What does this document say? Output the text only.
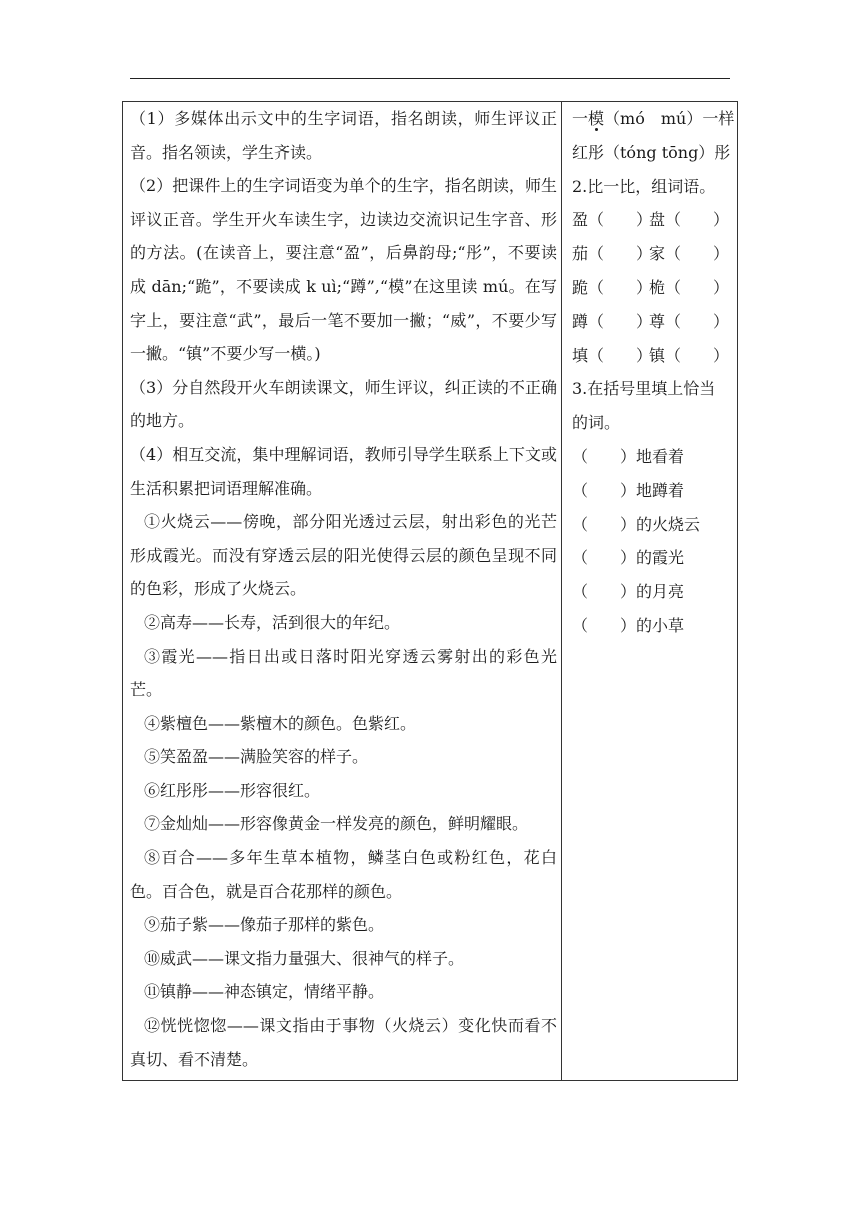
（1）多媒体出示文中的生字词语，指名朗读，师生评议正音。指名领读，学生齐读。

（2）把课件上的生字词语变为单个的生字，指名朗读，师生评议正音。学生开火车读生字，边读边交流识记生字音、形的方法。(在读音上，要注意“盈”，后鼻韵母;“彤”，不要读成 dān;“跪”，不要读成 k uì;“蹲”,“模”在这里读 mú。在写字上，要注意“武”，最后一笔不要加一撇；“威”，不要少写一撇。“镇”不要少写一横。)

（3）分自然段开火车朗读课文，师生评议，纠正读的不正确的地方。

（4）相互交流，集中理解词语，教师引导学生联系上下文或生活积累把词语理解准确。

①火烧云——傍晚，部分阳光透过云层，射出彩色的光芒形成霞光。而没有穿透云层的阳光使得云层的颜色呈现不同的色彩，形成了火烧云。

②高寿——长寿，活到很大的年纪。

③霞光——指日出或日落时阳光穿透云雾射出的彩色光芒。

④紫檀色——紫檀木的颜色。色紫红。

⑤笑盈盈——满脸笑容的样子。

⑥红彤彤——形容很红。

⑦金灿灿——形容像黄金一样发亮的颜色，鲜明耀眼。

⑧百合——多年生草本植物，鳞茎白色或粉红色，花白色。百合色，就是百合花那样的颜色。

⑨茄子紫——像茄子那样的紫色。

⑩威武——课文指力量强大、很神气的样子。

⑪镇静——神态镇定，情绪平静。

⑫恍恍惚惚——课文指由于事物（火烧云）变化快而看不真切、看不清楚。

一模（mó　mú）一样

红彤（tóng tōng）彤

2.比一比，组词语。

盈（　　）
盘（　　）
茄（　　）
家（　　）
跪（　　）
桅（　　）
蹲（　　）
尊（　　）
填（　　）
镇（　　）

3.在括号里填上恰当

的词。

（　　）地看着

（　　）地蹲着

（　　）的火烧云

（　　）的霞光

（　　）的月亮

（　　）的小草
